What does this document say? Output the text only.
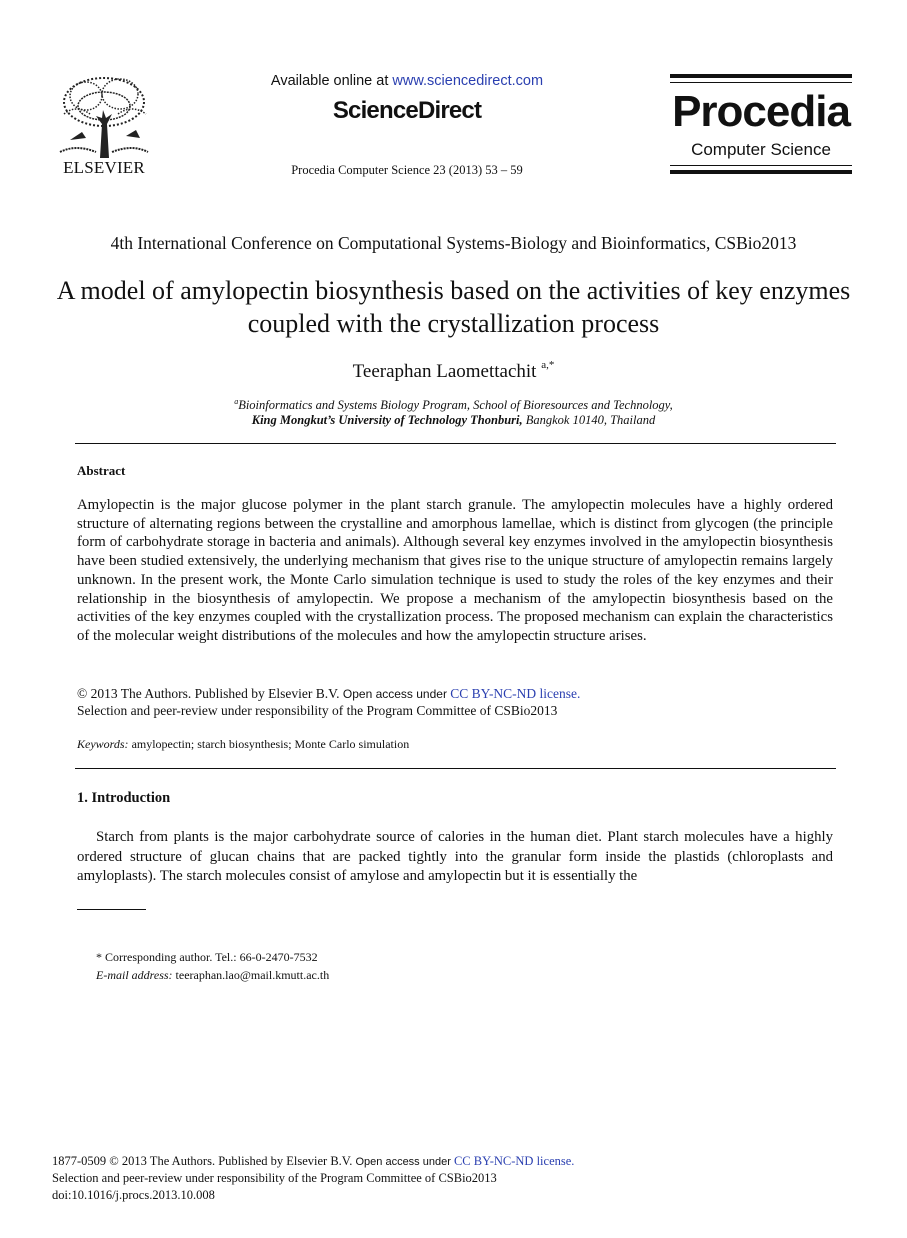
ELSEVIER
Available online at www.sciencedirect.com
ScienceDirect
Procedia Computer Science 23 (2013) 53 – 59
Procedia
Computer Science
4th International Conference on Computational Systems-Biology and Bioinformatics, CSBio2013
A model of amylopectin biosynthesis based on the activities of key enzymes coupled with the crystallization process
Teeraphan Laomettachit $^{a,*}$
$^a$Bioinformatics and Systems Biology Program, School of Bioresources and Technology,
King Mongkut’s University of Technology Thonburi, Bangkok 10140, Thailand
Abstract
Amylopectin is the major glucose polymer in the plant starch granule. The amylopectin molecules have a highly ordered structure of alternating regions between the crystalline and amorphous lamellae, which is distinct from glycogen (the principle form of carbohydrate storage in bacteria and animals). Although several key enzymes involved in the amylopectin biosynthesis have been studied extensively, the underlying mechanism that gives rise to the unique structure of amylopectin remains largely unknown. In the present work, the Monte Carlo simulation technique is used to study the roles of the key enzymes and their relationship in the biosynthesis of amylopectin. We propose a mechanism of the amylopectin biosynthesis based on the activities of the key enzymes coupled with the crystallization process. The proposed mechanism can explain the characteristics of the molecular weight distributions of the molecules and how the amylopectin structure arises.
© 2013 The Authors. Published by Elsevier B.V. Open access under CC BY-NC-ND license.
Selection and peer-review under responsibility of the Program Committee of CSBio2013
Keywords: amylopectin; starch biosynthesis; Monte Carlo simulation
1. Introduction
Starch from plants is the major carbohydrate source of calories in the human diet. Plant starch molecules have a highly ordered structure of glucan chains that are packed tightly into the granular form inside the plastids (chloroplasts and amyloplasts). The starch molecules consist of amylose and amylopectin but it is essentially the
* Corresponding author. Tel.: 66-0-2470-7532
E-mail address: teeraphan.lao@mail.kmutt.ac.th
1877-0509 © 2013 The Authors. Published by Elsevier B.V. Open access under CC BY-NC-ND license.
Selection and peer-review under responsibility of the Program Committee of CSBio2013
doi:10.1016/j.procs.2013.10.008
